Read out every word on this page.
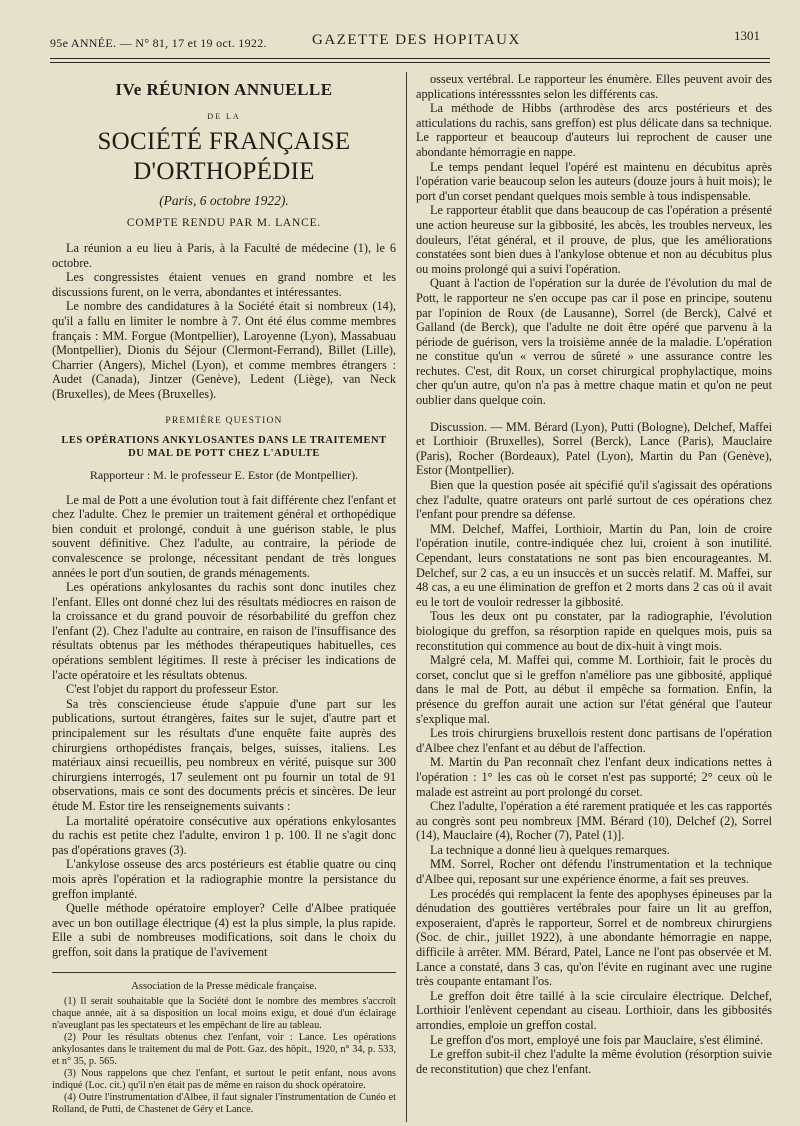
95e ANNÉE. — N° 81, 17 et 19 oct. 1922.	GAZETTE DES HOPITAUX	1301
IVe RÉUNION ANNUELLE
DE LA
SOCIÉTÉ FRANÇAISE D'ORTHOPÉDIE
(Paris, 6 octobre 1922).
COMPTE RENDU PAR M. LANCE.

La réunion a eu lieu à Paris, à la Faculté de médecine (1), le 6 octobre.

Les congressistes étaient venues en grand nombre et les discussions furent, on le verra, abondantes et intéressantes.

Le nombre des candidatures à la Société était si nombreux (14), qu'il a fallu en limiter le nombre à 7. Ont été élus comme membres français : MM. Forgue (Montpellier), Laroyenne (Lyon), Massabuau (Montpellier), Dionis du Séjour (Clermont-Ferrand), Billet (Lille), Charrier (Angers), Michel (Lyon), et comme membres étrangers : Audet (Canada), Jintzer (Genève), Ledent (Liège), van Neck (Bruxelles), de Mees (Bruxelles).

PREMIÈRE QUESTION
LES OPÉRATIONS ANKYLOSANTES DANS LE TRAITEMENT DU MAL DE POTT CHEZ L'ADULTE
Rapporteur : M. le professeur E. Estor (de Montpellier).

Le mal de Pott a une évolution tout à fait différente chez l'enfant et chez l'adulte. Chez le premier un traitement général et orthopédique bien conduit et prolongé, conduit à une guérison stable, le plus souvent définitive. Chez l'adulte, au contraire, la période de convalescence se prolonge, nécessitant pendant de très longues années le port d'un soutien, de grands ménagements.

Les opérations ankylosantes du rachis sont donc inutiles chez l'enfant. Elles ont donné chez lui des résultats médiocres en raison de la croissance et du grand pouvoir de résorbabilité du greffon chez l'enfant (2). Chez l'adulte au contraire, en raison de l'insuffisance des résultats obtenus par les méthodes thérapeutiques habituelles, ces opérations semblent légitimes. Il reste à préciser les indications de l'acte opératoire et les résultats obtenus.

C'est l'objet du rapport du professeur Estor.

Sa très consciencieuse étude s'appuie d'une part sur les publications, surtout étrangères, faites sur le sujet, d'autre part et principalement sur les résultats d'une enquête faite auprès des chirurgiens orthopédistes français, belges, suisses, italiens. Les matériaux ainsi recueillis, peu nombreux en vérité, puisque sur 300 chirurgiens interrogés, 17 seulement ont pu fournir un total de 91 observations, mais ce sont des documents précis et sincères. De leur étude M. Estor tire les renseignements suivants :

La mortalité opératoire consécutive aux opérations enkylosantes du rachis est petite chez l'adulte, environ 1 p. 100. Il ne s'agit donc pas d'opérations graves (3).

L'ankylose osseuse des arcs postérieurs est établie quatre ou cinq mois après l'opération et la radiographie montre la persistance du greffon implanté.

Quelle méthode opératoire employer? Celle d'Albee pratiquée avec un bon outillage électrique (4) est la plus simple, la plus rapide. Elle a subi de nombreuses modifications, soit dans le choix du greffon, soit dans la pratique de l'avivement

Association de la Presse médicale française.

(1) Il serait souhaitable que la Société dont le nombre des membres s'accroît chaque année, ait à sa disposition un local moins exigu, et doué d'un éclairage n'aveuglant pas les spectateurs et les empêchant de lire au tableau.

(2) Pour les résultats obtenus chez l'enfant, voir : Lance. Les opérations ankylosantes dans le traitement du mal de Pott. Gaz. des hôpit., 1920, n° 34, p. 533, et n° 35, p. 565.

(3) Nous rappelons que chez l'enfant, et surtout le petit enfant, nous avons indiqué (Loc. cit.) qu'il n'en était pas de même en raison du shock opératoire.

(4) Outre l'instrumentation d'Albee, il faut signaler l'instrumentation de Cunéo et Rolland, de Putti, de Chastenet de Géry et Lance.

osseux vertébral. Le rapporteur les énumère. Elles peuvent avoir des applications intéresssntes selon les différents cas.

La méthode de Hibbs (arthrodèse des arcs postérieurs et des atticulations du rachis, sans greffon) est plus délicate dans sa technique. Le rapporteur et beaucoup d'auteurs lui reprochent de causer une abondante hémorragie en nappe.

Le temps pendant lequel l'opéré est maintenu en décubitus après l'opération varie beaucoup selon les auteurs (douze jours à huit mois); le port d'un corset pendant quelques mois semble à tous indispensable.

Le rapporteur établit que dans beaucoup de cas l'opération a présenté une action heureuse sur la gibbosité, les abcès, les troubles nerveux, les douleurs, l'état général, et il prouve, de plus, que les améliorations constatées sont bien dues à l'ankylose obtenue et non au décubitus plus ou moins prolongé qui a suivi l'opération.

Quant à l'action de l'opération sur la durée de l'évolution du mal de Pott, le rapporteur ne s'en occupe pas car il pose en principe, soutenu par l'opinion de Roux (de Lausanne), Sorrel (de Berck), Calvé et Galland (de Berck), que l'adulte ne doit être opéré que parvenu à la période de guérison, vers la troisième année de la maladie. L'opération ne constitue qu'un « verrou de sûreté » une assurance contre les rechutes. C'est, dit Roux, un corset chirurgical prophylactique, moins cher qu'un autre, qu'on n'a pas à mettre chaque matin et qu'on ne peut oublier dans quelque coin.

Discussion. — MM. Bérard (Lyon), Putti (Bologne), Delchef, Maffei et Lorthioir (Bruxelles), Sorrel (Berck), Lance (Paris), Mauclaire (Paris), Rocher (Bordeaux), Patel (Lyon), Martin du Pan (Genève), Estor (Montpellier).

Bien que la question posée ait spécifié qu'il s'agissait des opérations chez l'adulte, quatre orateurs ont parlé surtout de ces opérations chez l'enfant pour prendre sa défense.

MM. Delchef, Maffei, Lorthioir, Martin du Pan, loin de croire l'opération inutile, contre-indiquée chez lui, croient à son inutilité. Cependant, leurs constatations ne sont pas bien encourageantes. M. Delchef, sur 2 cas, a eu un insuccès et un succès relatif. M. Maffei, sur 48 cas, a eu une élimination de greffon et 2 morts dans 2 cas où il avait eu le tort de vouloir redresser la gibbosité.

Tous les deux ont pu constater, par la radiographie, l'évolution biologique du greffon, sa résorption rapide en quelques mois, puis sa reconstitution qui commence au bout de dix-huit à vingt mois.

Malgré cela, M. Maffei qui, comme M. Lorthioir, fait le procès du corset, conclut que si le greffon n'améliore pas une gibbosité, appliqué dans le mal de Pott, au début il empêche sa formation. Enfin, la présence du greffon aurait une action sur l'état général que l'auteur s'explique mal.

Les trois chirurgiens bruxellois restent donc partisans de l'opération d'Albee chez l'enfant et au début de l'affection.

M. Martin du Pan reconnaît chez l'enfant deux indications nettes à l'opération : 1° les cas où le corset n'est pas supporté; 2° ceux où le malade est astreint au port prolongé du corset.

Chez l'adulte, l'opération a été rarement pratiquée et les cas rapportés au congrès sont peu nombreux [MM. Bérard (10), Delchef (2), Sorrel (14), Mauclaire (4), Rocher (7), Patel (1)].

La technique a donné lieu à quelques remarques.

MM. Sorrel, Rocher ont défendu l'instrumentation et la technique d'Albee qui, reposant sur une expérience énorme, a fait ses preuves.

Les procédés qui remplacent la fente des apophyses épineuses par la dénudation des gouttières vertébrales pour faire un lit au greffon, exposeraient, d'après le rapporteur, Sorrel et de nombreux chirurgiens (Soc. de chir., juillet 1922), à une abondante hémorragie en nappe, difficile à arrêter. MM. Bérard, Patel, Lance ne l'ont pas observée et M. Lance a constaté, dans 3 cas, qu'on l'évite en ruginant avec une rugine très coupante entamant l'os.

Le greffon doit être taillé à la scie circulaire électrique. Delchef, Lorthioir l'enlèvent cependant au ciseau. Lorthioir, dans les gibbosités arrondies, emploie un greffon costal.

Le greffon d'os mort, employé une fois par Mauclaire, s'est éliminé.

Le greffon subit-il chez l'adulte la même évolution (résorption suivie de reconstitution) que chez l'enfant.
